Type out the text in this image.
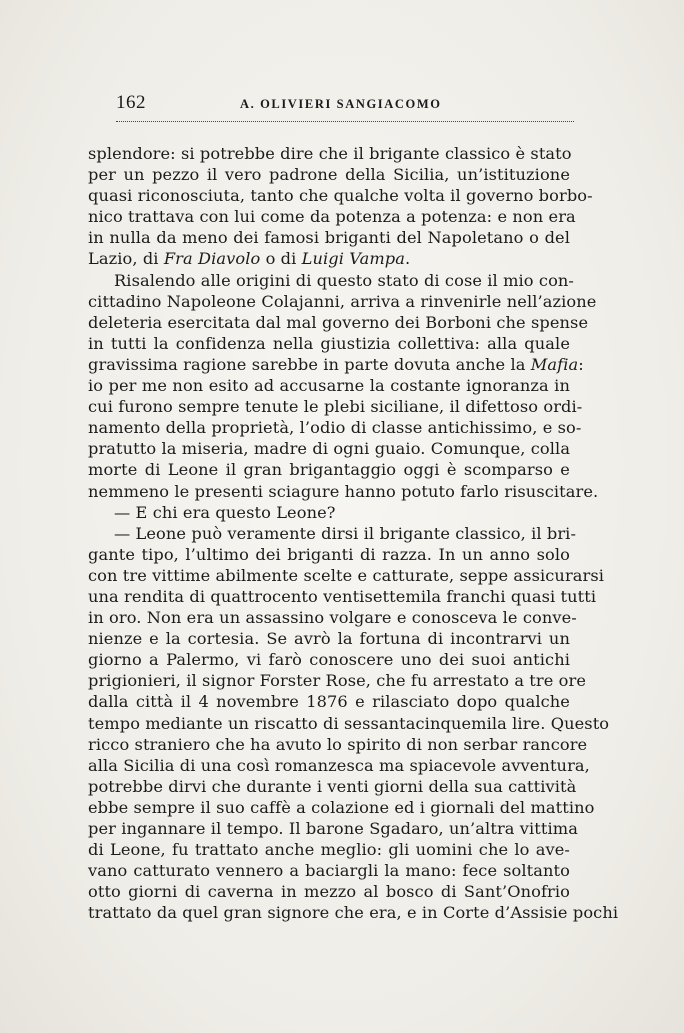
162	A. OLIVIERI SANGIACOMO
splendore: si potrebbe dire che il brigante classico è stato
per un pezzo il vero padrone della Sicilia, un’istituzione
quasi riconosciuta, tanto che qualche volta il governo borbo-
nico trattava con lui come da potenza a potenza: e non era
in nulla da meno dei famosi briganti del Napoletano o del
Lazio, di Fra Diavolo o di Luigi Vampa.
Risalendo alle origini di questo stato di cose il mio con-
cittadino Napoleone Colajanni, arriva a rinvenirle nell’azione
deleteria esercitata dal mal governo dei Borboni che spense
in tutti la confidenza nella giustizia collettiva: alla quale
gravissima ragione sarebbe in parte dovuta anche la Mafia:
io per me non esito ad accusarne la costante ignoranza in
cui furono sempre tenute le plebi siciliane, il difettoso ordi-
namento della proprietà, l’odio di classe antichissimo, e so-
pratutto la miseria, madre di ogni guaio. Comunque, colla
morte di Leone il gran brigantaggio oggi è scomparso e
nemmeno le presenti sciagure hanno potuto farlo risuscitare.
— E chi era questo Leone?
— Leone può veramente dirsi il brigante classico, il bri-
gante tipo, l’ultimo dei briganti di razza. In un anno solo
con tre vittime abilmente scelte e catturate, seppe assicurarsi
una rendita di quattrocento ventisettemila franchi quasi tutti
in oro. Non era un assassino volgare e conosceva le conve-
nienze e la cortesia. Se avrò la fortuna di incontrarvi un
giorno a Palermo, vi farò conoscere uno dei suoi antichi
prigionieri, il signor Forster Rose, che fu arrestato a tre ore
dalla città il 4 novembre 1876 e rilasciato dopo qualche
tempo mediante un riscatto di sessantacinquemila lire. Questo
ricco straniero che ha avuto lo spirito di non serbar rancore
alla Sicilia di una così romanzesca ma spiacevole avventura,
potrebbe dirvi che durante i venti giorni della sua cattività
ebbe sempre il suo caffè a colazione ed i giornali del mattino
per ingannare il tempo. Il barone Sgadaro, un’altra vittima
di Leone, fu trattato anche meglio: gli uomini che lo ave-
vano catturato vennero a baciargli la mano: fece soltanto
otto giorni di caverna in mezzo al bosco di Sant’Onofrio
trattato da quel gran signore che era, e in Corte d’Assisie pochi
